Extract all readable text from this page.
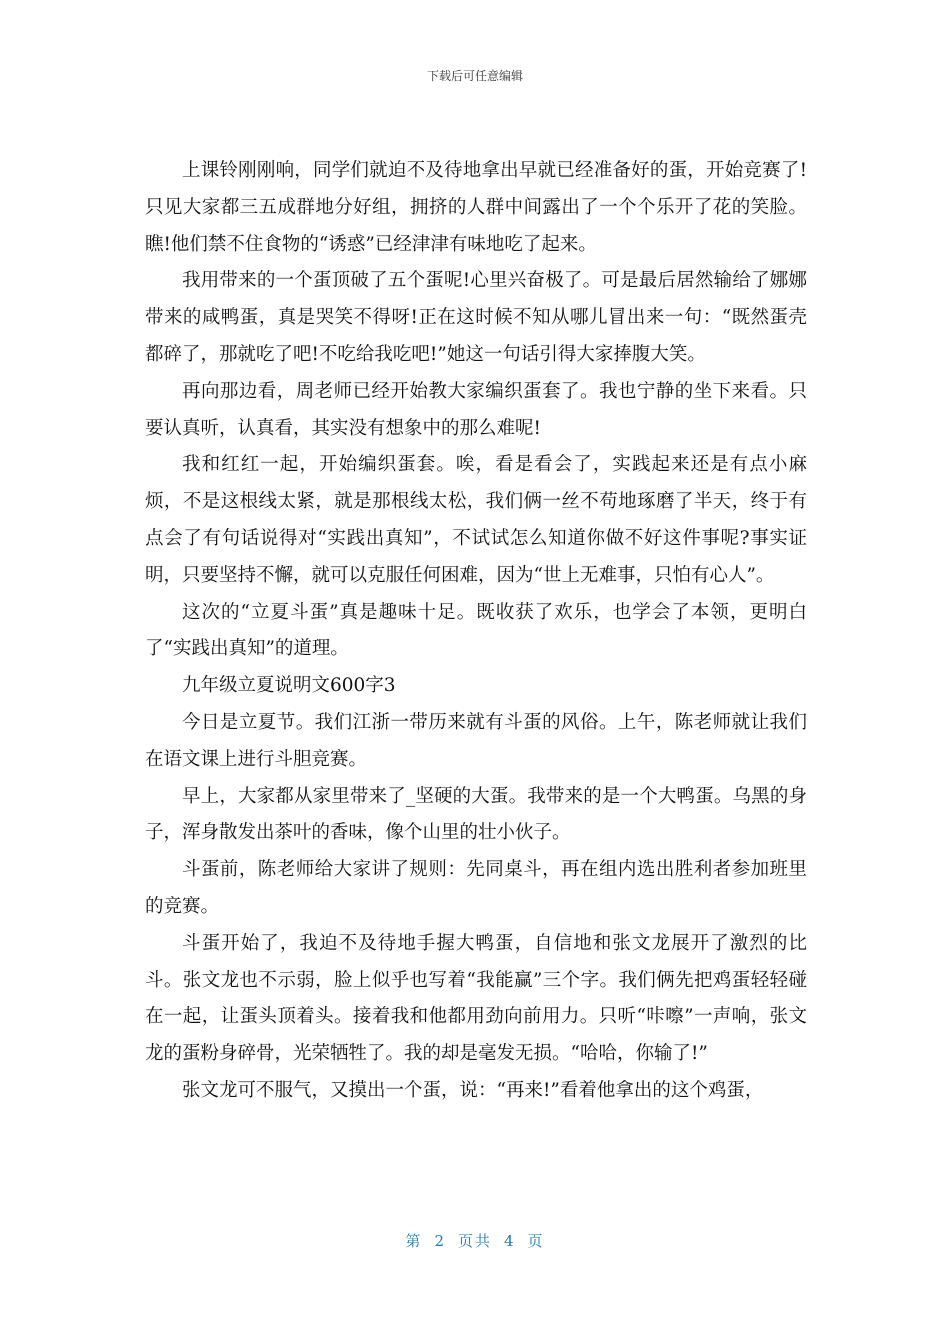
下载后可任意编辑

上课铃刚刚响，同学们就迫不及待地拿出早就已经准备好的蛋，开始竞赛了!只见大家都三五成群地分好组，拥挤的人群中间露出了一个个乐开了花的笑脸。瞧!他们禁不住食物的“诱惑”已经津津有味地吃了起来。

我用带来的一个蛋顶破了五个蛋呢!心里兴奋极了。可是最后居然输给了娜娜带来的咸鸭蛋，真是哭笑不得呀!正在这时候不知从哪儿冒出来一句：“既然蛋壳都碎了，那就吃了吧!不吃给我吃吧!”她这一句话引得大家捧腹大笑。

再向那边看，周老师已经开始教大家编织蛋套了。我也宁静的坐下来看。只要认真听，认真看，其实没有想象中的那么难呢!

我和红红一起，开始编织蛋套。唉，看是看会了，实践起来还是有点小麻烦，不是这根线太紧，就是那根线太松，我们俩一丝不苟地琢磨了半天，终于有点会了有句话说得对“实践出真知”，不试试怎么知道你做不好这件事呢?事实证明，只要坚持不懈，就可以克服任何困难，因为“世上无难事，只怕有心人”。

这次的“立夏斗蛋”真是趣味十足。既收获了欢乐，也学会了本领，更明白了“实践出真知”的道理。

九年级立夏说明文600字3

今日是立夏节。我们江浙一带历来就有斗蛋的风俗。上午，陈老师就让我们在语文课上进行斗胆竞赛。

早上，大家都从家里带来了_坚硬的大蛋。我带来的是一个大鸭蛋。乌黑的身子，浑身散发出茶叶的香味，像个山里的壮小伙子。

斗蛋前，陈老师给大家讲了规则：先同桌斗，再在组内选出胜利者参加班里的竞赛。

斗蛋开始了，我迫不及待地手握大鸭蛋，自信地和张文龙展开了激烈的比斗。张文龙也不示弱，脸上似乎也写着“我能赢”三个字。我们俩先把鸡蛋轻轻碰在一起，让蛋头顶着头。接着我和他都用劲向前用力。只听“咔嚓”一声响，张文龙的蛋粉身碎骨，光荣牺牲了。我的却是毫发无损。“哈哈，你输了!”

张文龙可不服气，又摸出一个蛋，说：“再来!”看着他拿出的这个鸡蛋，

第 2 页共 4 页
